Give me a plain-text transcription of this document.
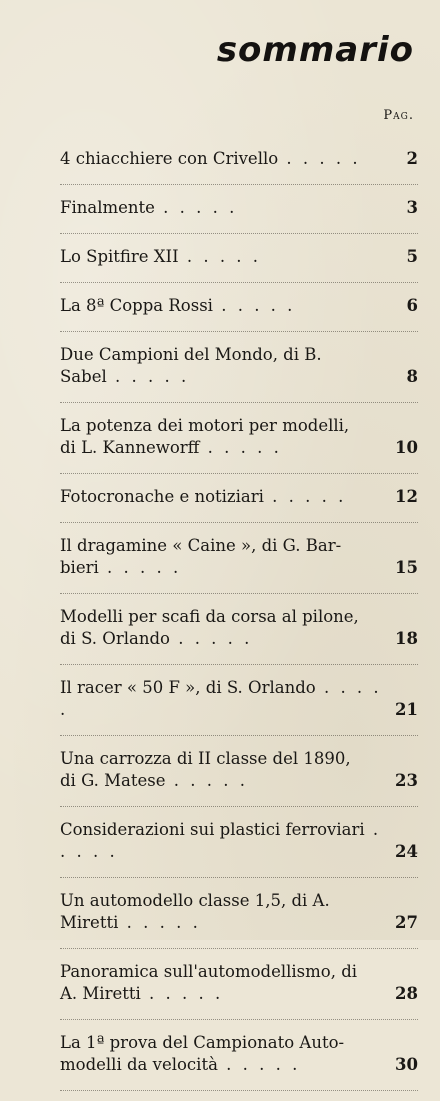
sommario
Pag.
4 chiacchiere con Crivello . . . . .	2
Finalmente . . . . .	3
Lo Spitfire XII . . . . .	5
La 8ª Coppa Rossi . . . . .	6
Due Campioni del Mondo, di B.
Sabel . . . . .	8
La potenza dei motori per modelli,
di L. Kanneworff . . . . .	10
Fotocronache e notiziari . . . . .	12
Il dragamine « Caine », di G. Bar-
bieri . . . . .	15
Modelli per scafi da corsa al pilone,
di S. Orlando . . . . .	18
Il racer « 50 F », di S. Orlando . . . . .	21
Una carrozza di II classe del 1890,
di G. Matese . . . . .	23
Considerazioni sui plastici ferroviari . . . . .	24
Un automodello classe 1,5, di A.
Miretti . . . . .	27
Panoramica sull'automodellismo, di
A. Miretti . . . . .	28
La 1ª prova del Campionato Auto-
modelli da velocità . . . . .	30
